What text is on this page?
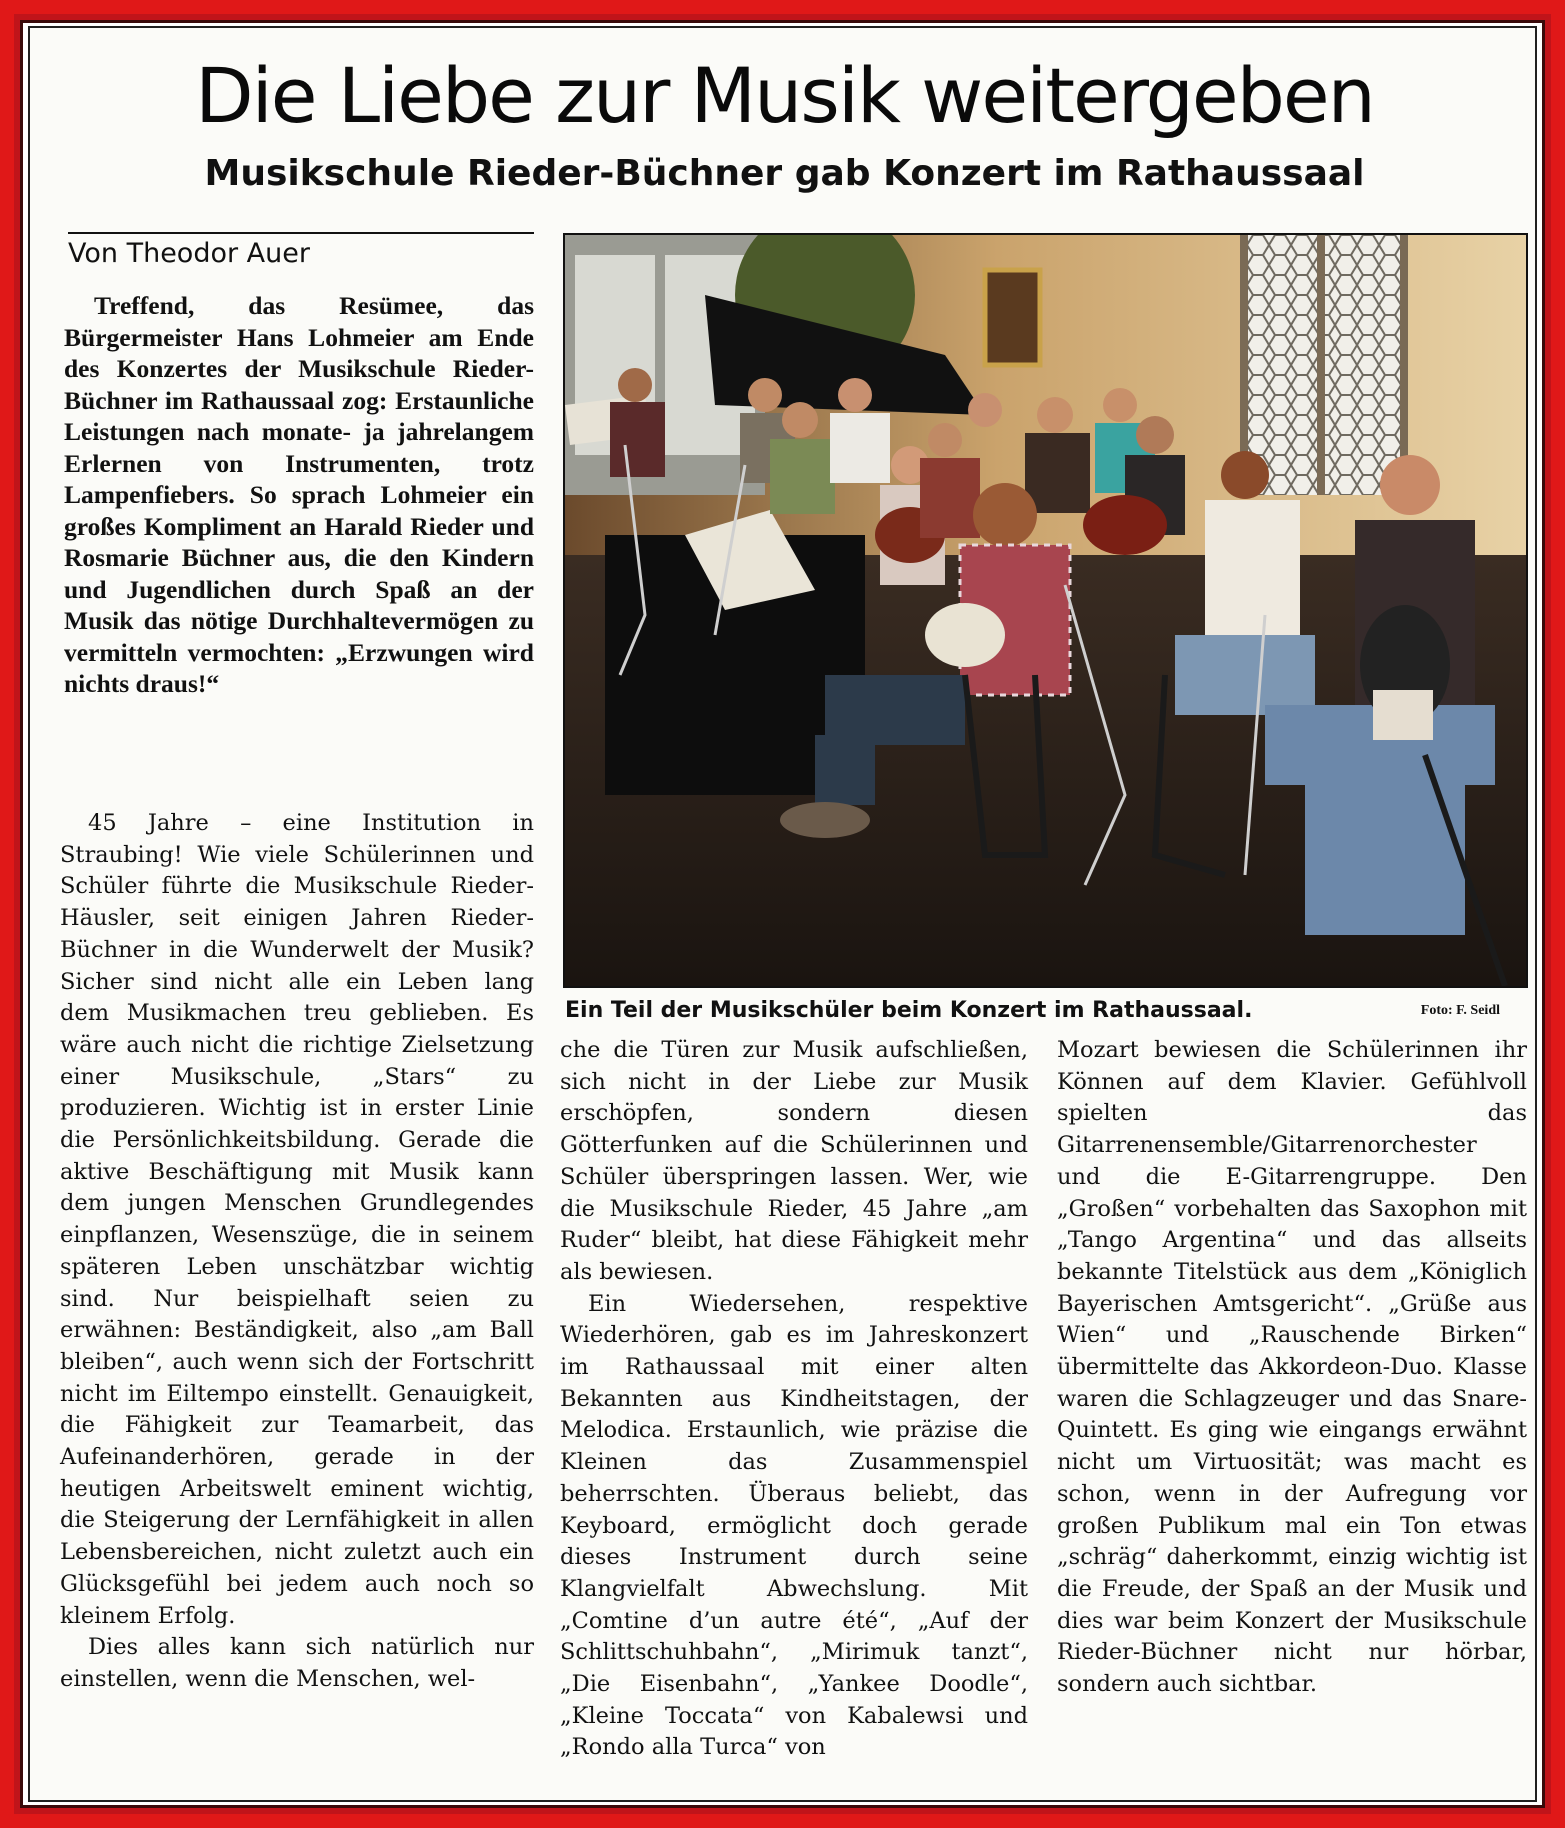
Die Liebe zur Musik weitergeben
Musikschule Rieder-Büchner gab Konzert im Rathaussaal

Von Theodor Auer

Treffend, das Resümee, das Bürgermeister Hans Lohmeier am Ende des Konzertes der Musikschule Rieder-Büchner im Rathaussaal zog: Erstaunliche Leistungen nach monate- ja jahrelangem Erlernen von Instrumenten, trotz Lampenfiebers. So sprach Lohmeier ein großes Kompliment an Harald Rieder und Rosmarie Büchner aus, die den Kindern und Jugendlichen durch Spaß an der Musik das nötige Durchhaltevermögen zu vermitteln vermochten: „Erzwungen wird nichts draus!“

Ein Teil der Musikschüler beim Konzert im Rathaussaal.	Foto: F. Seidl

45 Jahre – eine Institution in Straubing! Wie viele Schülerinnen und Schüler führte die Musikschule Rieder-Häusler, seit einigen Jahren Rieder-Büchner in die Wunderwelt der Musik? Sicher sind nicht alle ein Leben lang dem Musikmachen treu geblieben. Es wäre auch nicht die richtige Zielsetzung einer Musikschule, „Stars“ zu produzieren. Wichtig ist in erster Linie die Persönlichkeitsbildung. Gerade die aktive Beschäftigung mit Musik kann dem jungen Menschen Grundlegendes einpflanzen, Wesenszüge, die in seinem späteren Leben unschätzbar wichtig sind. Nur beispielhaft seien zu erwähnen: Beständigkeit, also „am Ball bleiben“, auch wenn sich der Fortschritt nicht im Eiltempo einstellt. Genauigkeit, die Fähigkeit zur Teamarbeit, das Aufeinanderhören, gerade in der heutigen Arbeitswelt eminent wichtig, die Steigerung der Lernfähigkeit in allen Lebensbereichen, nicht zuletzt auch ein Glücksgefühl bei jedem auch noch so kleinem Erfolg.

Dies alles kann sich natürlich nur einstellen, wenn die Menschen, wel-

che die Türen zur Musik aufschließen, sich nicht in der Liebe zur Musik erschöpfen, sondern diesen Götterfunken auf die Schülerinnen und Schüler überspringen lassen. Wer, wie die Musikschule Rieder, 45 Jahre „am Ruder“ bleibt, hat diese Fähigkeit mehr als bewiesen.

Ein Wiedersehen, respektive Wiederhören, gab es im Jahreskonzert im Rathaussaal mit einer alten Bekannten aus Kindheitstagen, der Melodica. Erstaunlich, wie präzise die Kleinen das Zusammenspiel beherrschten. Überaus beliebt, das Keyboard, ermöglicht doch gerade dieses Instrument durch seine Klangvielfalt Abwechslung. Mit „Comtine d’un autre été“, „Auf der Schlittschuhbahn“, „Mirimuk tanzt“, „Die Eisenbahn“, „Yankee Doodle“, „Kleine Toccata“ von Kabalewsi und „Rondo alla Turca“ von

Mozart bewiesen die Schülerinnen ihr Können auf dem Klavier. Gefühlvoll spielten das Gitarrenensemble/Gitarrenorchester und die E-Gitarrengruppe. Den „Großen“ vorbehalten das Saxophon mit „Tango Argentina“ und das allseits bekannte Titelstück aus dem „Königlich Bayerischen Amtsgericht“. „Grüße aus Wien“ und „Rauschende Birken“ übermittelte das Akkordeon-Duo. Klasse waren die Schlagzeuger und das Snare-Quintett. Es ging wie eingangs erwähnt nicht um Virtuosität; was macht es schon, wenn in der Aufregung vor großen Publikum mal ein Ton etwas „schräg“ daherkommt, einzig wichtig ist die Freude, der Spaß an der Musik und dies war beim Konzert der Musikschule Rieder-Büchner nicht nur hörbar, sondern auch sichtbar.
